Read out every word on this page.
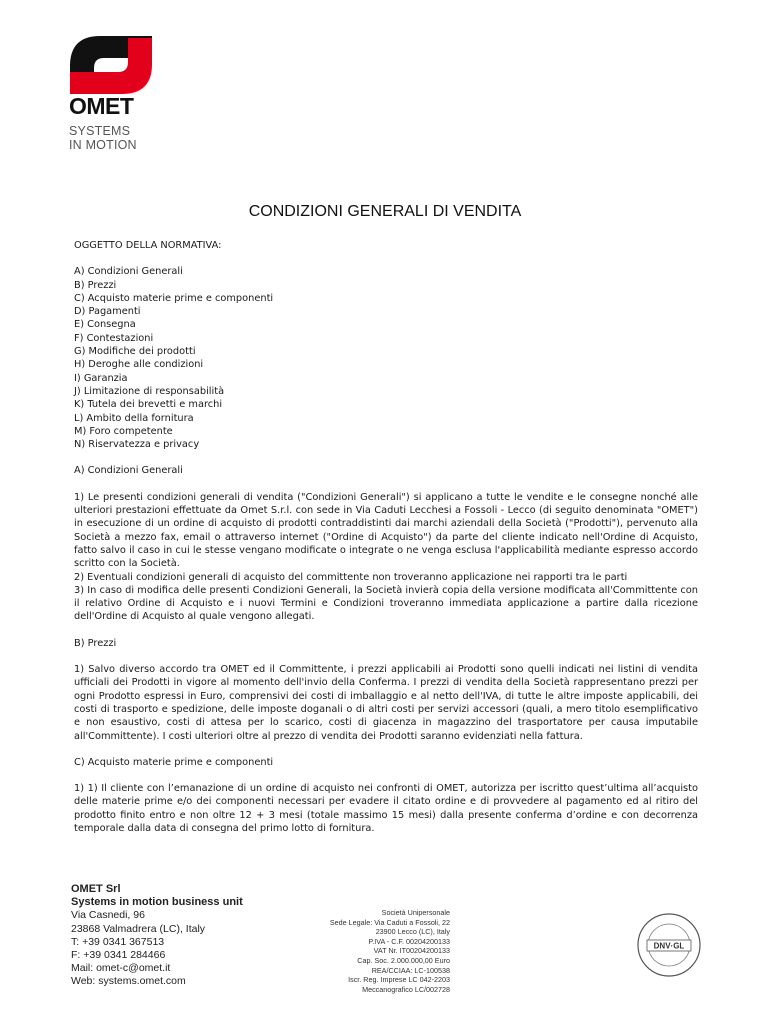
OMET
SYSTEMS
IN MOTION
CONDIZIONI GENERALI DI VENDITA

OGGETTO DELLA NORMATIVA:

A) Condizioni Generali
B) Prezzi
C) Acquisto materie prime e componenti
D) Pagamenti
E) Consegna
F) Contestazioni
G) Modifiche dei prodotti
H) Deroghe alle condizioni
I) Garanzia
J) Limitazione di responsabilità
K) Tutela dei brevetti e marchi
L) Ambito della fornitura
M) Foro competente
N) Riservatezza e privacy

A) Condizioni Generali

1) Le presenti condizioni generali di vendita ("Condizioni Generali") si applicano a tutte le vendite e le consegne nonché alle ulteriori prestazioni effettuate da Omet S.r.l. con sede in Via Caduti Lecchesi a Fossoli - Lecco (di seguito denominata "OMET") in esecuzione di un ordine di acquisto di prodotti contraddistinti dai marchi aziendali della Società ("Prodotti"), pervenuto alla Società a mezzo fax, email o attraverso internet ("Ordine di Acquisto") da parte del cliente indicato nell'Ordine di Acquisto, fatto salvo il caso in cui le stesse vengano modificate o integrate o ne venga esclusa l'applicabilità mediante espresso accordo scritto con la Società.

2) Eventuali condizioni generali di acquisto del committente non troveranno applicazione nei rapporti tra le parti

3) In caso di modifica delle presenti Condizioni Generali, la Società invierà copia della versione modificata all'Committente con il relativo Ordine di Acquisto e i nuovi Termini e Condizioni troveranno immediata applicazione a partire dalla ricezione dell'Ordine di Acquisto al quale vengono allegati.

B) Prezzi

1) Salvo diverso accordo tra OMET ed il Committente, i prezzi applicabili ai Prodotti sono quelli indicati nei listini di vendita ufficiali dei Prodotti in vigore al momento dell'invio della Conferma. I prezzi di vendita della Società rappresentano prezzi per ogni Prodotto espressi in Euro, comprensivi dei costi di imballaggio e al netto dell'IVA, di tutte le altre imposte applicabili, dei costi di trasporto e spedizione, delle imposte doganali o di altri costi per servizi accessori (quali, a mero titolo esemplificativo e non esaustivo, costi di attesa per lo scarico, costi di giacenza in magazzino del trasportatore per causa imputabile all'Committente). I costi ulteriori oltre al prezzo di vendita dei Prodotti saranno evidenziati nella fattura.

C) Acquisto materie prime e componenti

1) 1) Il cliente con l’emanazione di un ordine di acquisto nei confronti di OMET, autorizza per iscritto quest’ultima all’acquisto delle materie prime e/o dei componenti necessari per evadere il citato ordine e di provvedere al pagamento ed al ritiro del prodotto finito entro e non oltre 12 + 3 mesi (totale massimo 15 mesi) dalla presente conferma d’ordine e con decorrenza temporale dalla data di consegna del primo lotto di fornitura.

OMET Srl
Systems in motion business unit
Via Casnedi, 96
23868 Valmadrera (LC), Italy
T: +39 0341 367513
F: +39 0341 284466
Mail: omet-c@omet.it
Web: systems.omet.com
Società Unipersonale
Sede Legale: Via Caduti a Fossoli, 22
23900 Lecco (LC), Italy
P.IVA - C.F. 00204200133
VAT Nr. IT00204200133
Cap. Soc. 2.000.000,00 Euro
REA/CCIAA: LC-100538
Iscr. Reg. Imprese LC 042-2203
Meccanografico LC/002728
DNV·GL
